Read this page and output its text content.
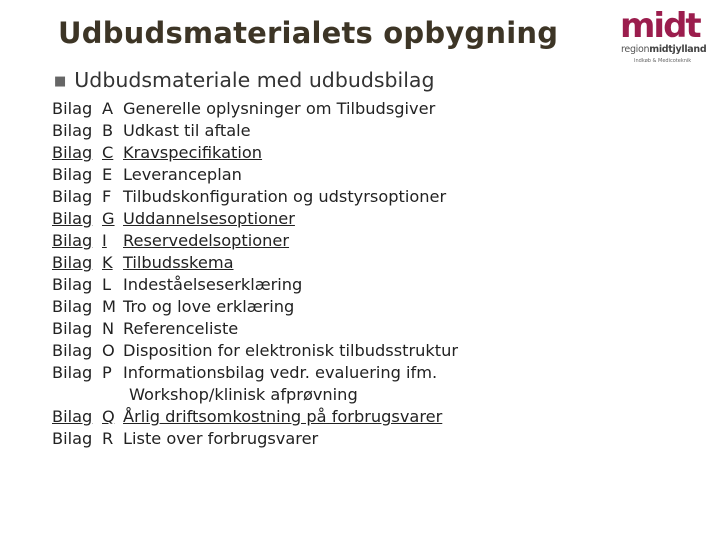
Udbudsmaterialets opbygning midt
regionmidtjylland
Indkøb & Medicoteknik
■ Udbudsmateriale med udbudsbilag
Bilag A Generelle oplysninger om Tilbudsgiver
Bilag B Udkast til aftale
Bilag C Kravspecifikation
Bilag E Leveranceplan
Bilag F Tilbudskonfiguration og udstyrsoptioner
Bilag G Uddannelsesoptioner
Bilag I Reservedelsoptioner
Bilag K Tilbudsskema
Bilag L Indeståelseserklæring
Bilag M Tro og love erklæring
Bilag N Referenceliste
Bilag O Disposition for elektronisk tilbudsstruktur
Bilag P Informationsbilag vedr. evaluering ifm.
Workshop/klinisk afprøvning
Bilag Q Årlig driftsomkostning på forbrugsvarer
Bilag R Liste over forbrugsvarer
